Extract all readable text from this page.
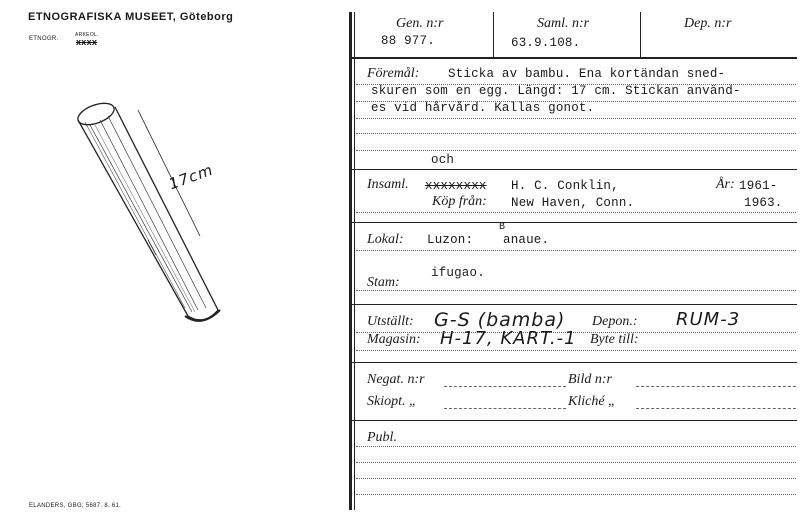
ETNOGRAFISKA MUSEET, Göteborg
ETNOGR.
ARKEOL.
xxxx
17cm
ELANDERS, GBG; 5687. 8. 61.
Gen. n:r
88 977.
Saml. n:r
63.9.108.
Dep. n:r
Föremål: Sticka av bambu. Ena kortändan sned-
skuren som en egg. Längd: 17 cm. Stickan använd-
es vid hårvård. Kallas gonot.
och
Insaml. xxxxxxxx H. C. Conklin,	År: 1961-
Köp från: New Haven, Conn.	1963.
Lokal: Luzon:
B
anaue.
ifugao.
Stam:
Utställt: G-S (bamba) Depon.: RUM-3
Magasin: H-17, KART.-1 Byte till:
Negat. n:r	Bild n:r
Skiopt. „	Kliché „
Publ.
